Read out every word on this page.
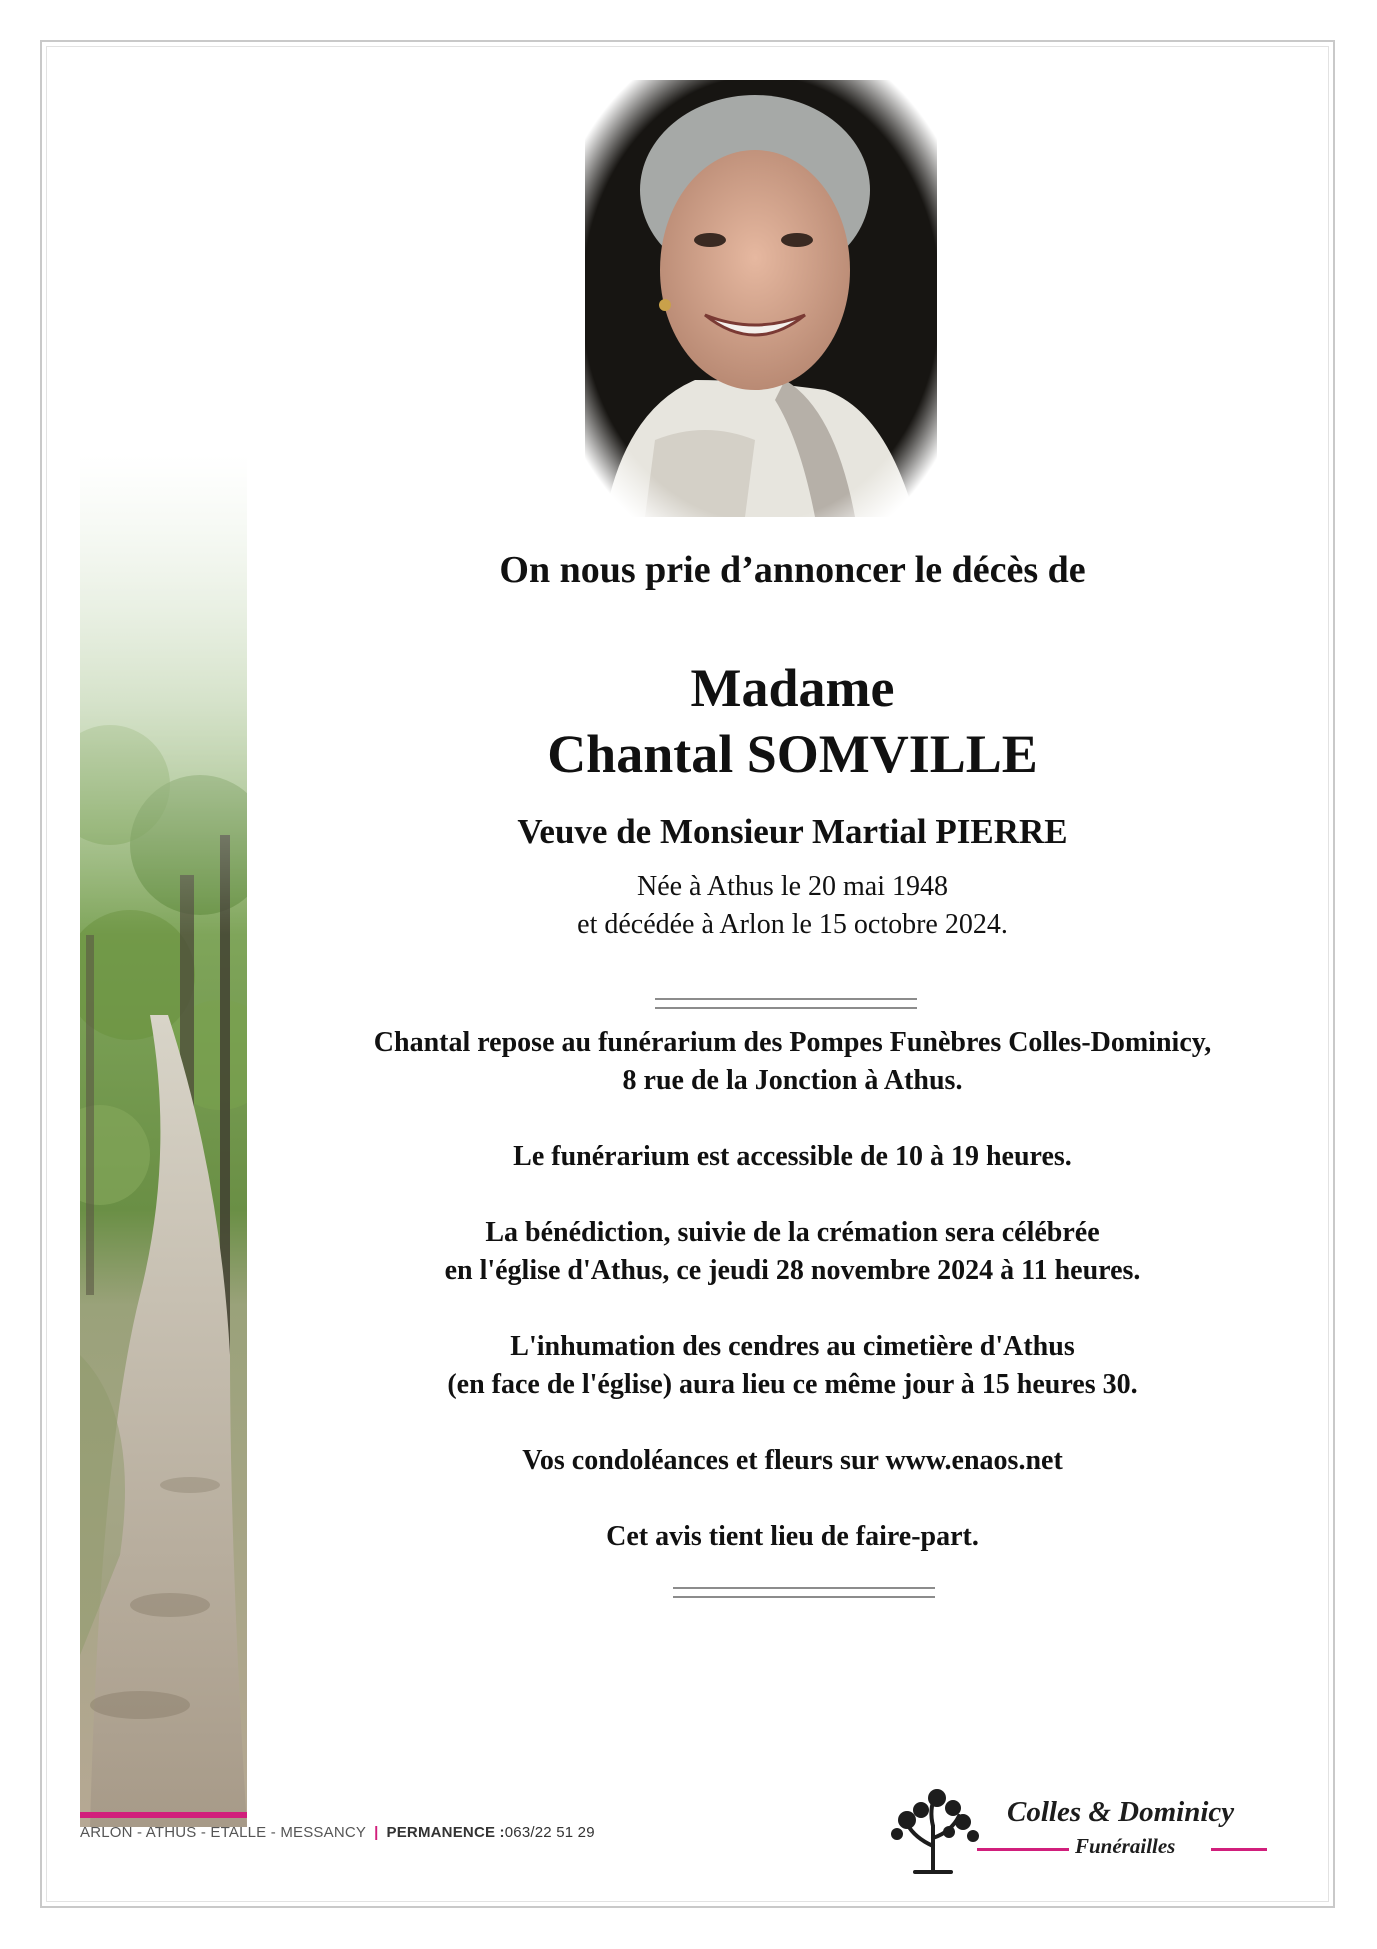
On nous prie d’annoncer le décès de
Madame
Chantal SOMVILLE
Veuve de Monsieur Martial PIERRE
Née à Athus le 20 mai 1948
et décédée à Arlon le 15 octobre 2024.

Chantal repose au funérarium des Pompes Funèbres Colles-Dominicy,
8 rue de la Jonction à Athus.

Le funérarium est accessible de 10 à 19 heures.

La bénédiction, suivie de la crémation sera célébrée
en l'église d'Athus, ce jeudi 28 novembre 2024 à 11 heures.

L'inhumation des cendres au cimetière d'Athus
(en face de l'église) aura lieu ce même jour à 15 heures 30.

Vos condoléances et fleurs sur www.enaos.net

Cet avis tient lieu de faire-part.

ARLON - ATHUS - ETALLE - MESSANCY | PERMANENCE :063/22 51 29
Colles & Dominicy
Funérailles
